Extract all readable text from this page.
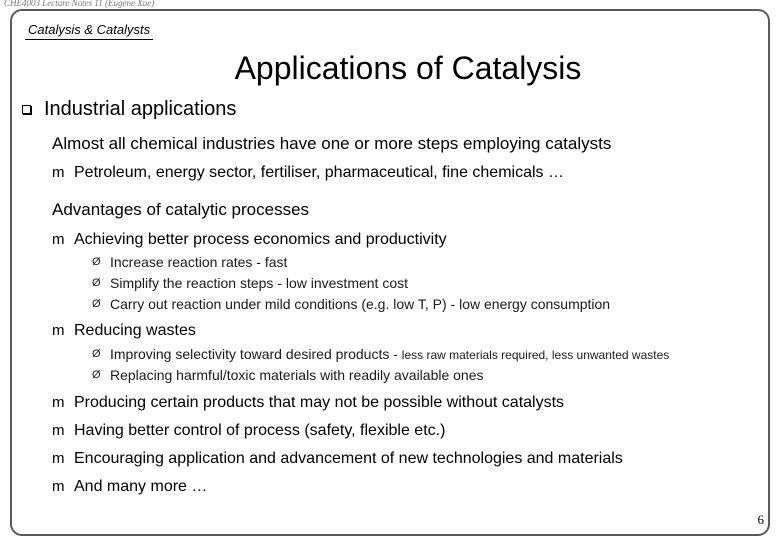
CHE4003 Lecture Notes 11 (Eugene Xue)
Catalysis & Catalysts
Applications of Catalysis
Industrial applications
Almost all chemical industries have one or more steps employing catalysts
m Petroleum, energy sector, fertiliser, pharmaceutical, fine chemicals …
Advantages of catalytic processes
m Achieving better process economics and productivity
Ø Increase reaction rates - fast
Ø Simplify the reaction steps - low investment cost
Ø Carry out reaction under mild conditions (e.g. low T, P) - low energy consumption
m Reducing wastes
Ø Improving selectivity toward desired products - less raw materials required, less unwanted wastes
Ø Replacing harmful/toxic materials with readily available ones
m Producing certain products that may not be possible without catalysts
m Having better control of process (safety, flexible etc.)
m Encouraging application and advancement of new technologies and materials
m And many more …
6
